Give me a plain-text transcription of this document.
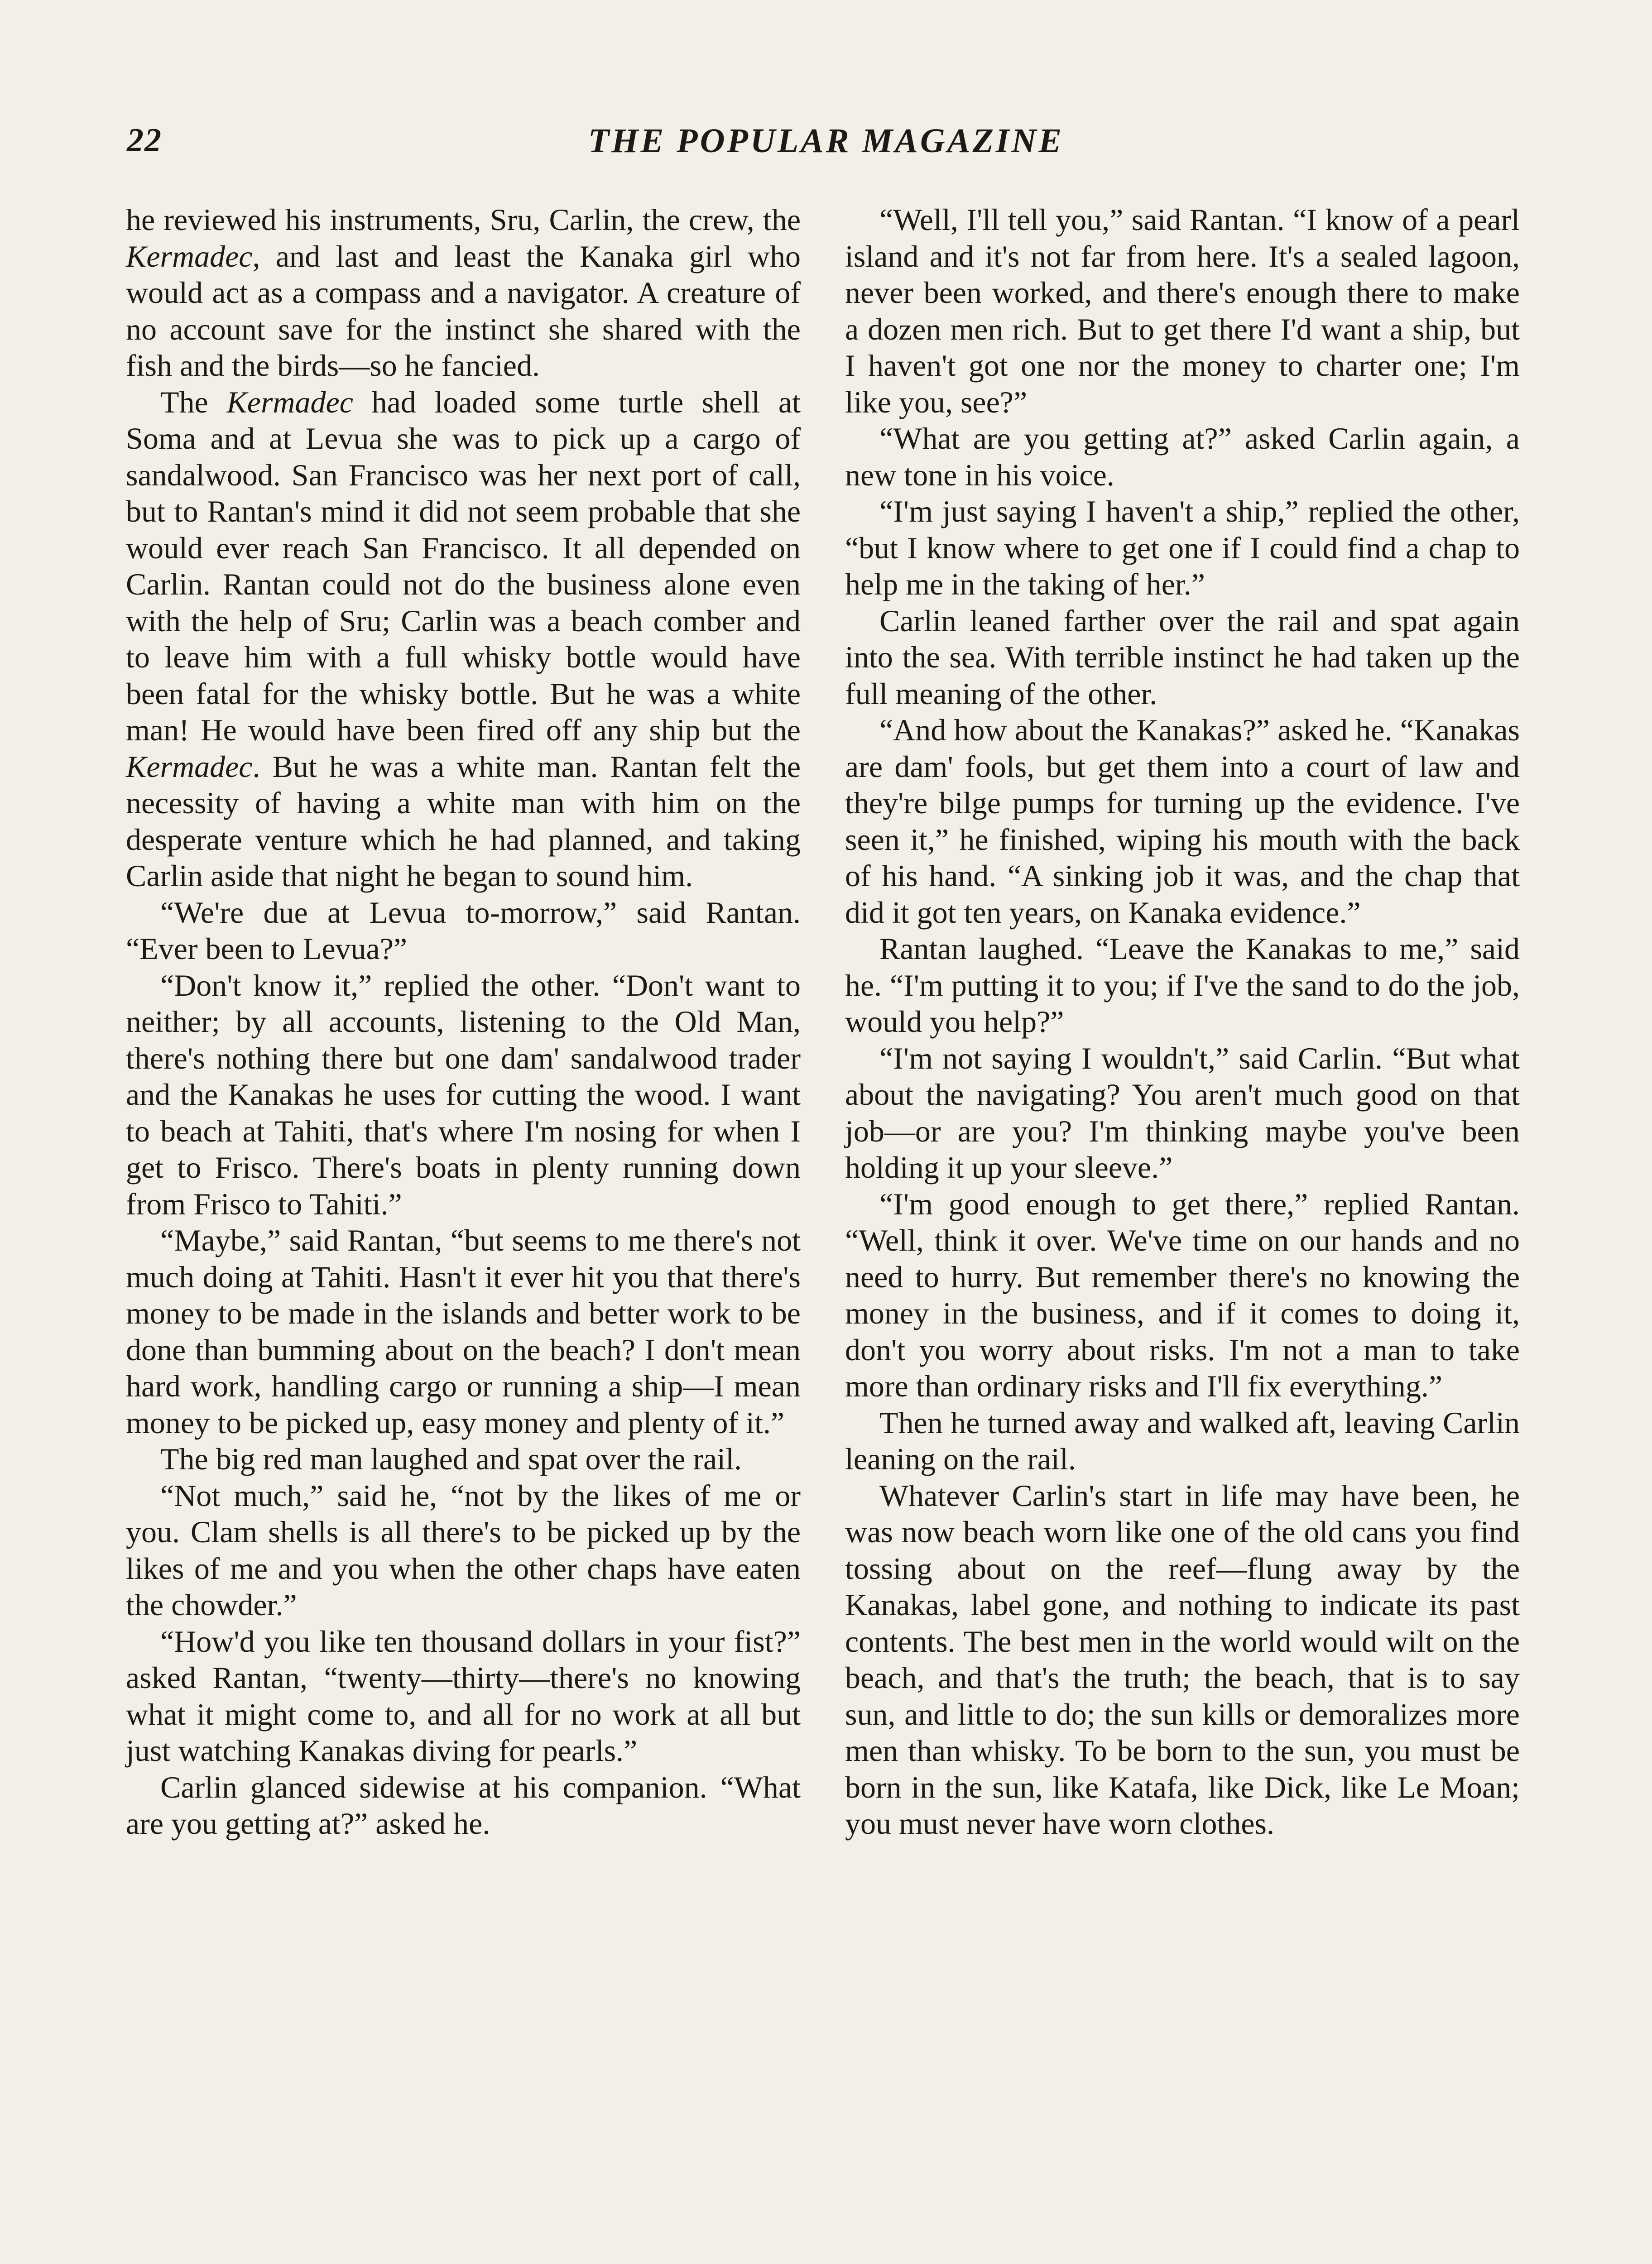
22	THE POPULAR MAGAZINE

he reviewed his instruments, Sru, Carlin, the crew, the Kermadec, and last and least the Kanaka girl who would act as a compass and a navigator. A creature of no account save for the instinct she shared with the fish and the birds—so he fancied.

The Kermadec had loaded some turtle shell at Soma and at Levua she was to pick up a cargo of sandalwood. San Francisco was her next port of call, but to Rantan's mind it did not seem probable that she would ever reach San Francisco. It all depended on Carlin. Rantan could not do the business alone even with the help of Sru; Carlin was a beach comber and to leave him with a full whisky bottle would have been fatal for the whisky bottle. But he was a white man! He would have been fired off any ship but the Kermadec. But he was a white man. Rantan felt the necessity of having a white man with him on the desperate venture which he had planned, and taking Carlin aside that night he began to sound him.

“We're due at Levua to-morrow,” said Rantan. “Ever been to Levua?”

“Don't know it,” replied the other. “Don't want to neither; by all accounts, listening to the Old Man, there's nothing there but one dam' sandalwood trader and the Kanakas he uses for cutting the wood. I want to beach at Tahiti, that's where I'm nosing for when I get to Frisco. There's boats in plenty running down from Frisco to Tahiti.”

“Maybe,” said Rantan, “but seems to me there's not much doing at Tahiti. Hasn't it ever hit you that there's money to be made in the islands and better work to be done than bumming about on the beach? I don't mean hard work, handling cargo or running a ship—I mean money to be picked up, easy money and plenty of it.”

The big red man laughed and spat over the rail.

“Not much,” said he, “not by the likes of me or you. Clam shells is all there's to be picked up by the likes of me and you when the other chaps have eaten the chowder.”

“How'd you like ten thousand dollars in your fist?” asked Rantan, “twenty—thirty—there's no knowing what it might come to, and all for no work at all but just watching Kanakas diving for pearls.”

Carlin glanced sidewise at his companion. “What are you getting at?” asked he.

“Well, I'll tell you,” said Rantan. “I know of a pearl island and it's not far from here. It's a sealed lagoon, never been worked, and there's enough there to make a dozen men rich. But to get there I'd want a ship, but I haven't got one nor the money to charter one; I'm like you, see?”

“What are you getting at?” asked Carlin again, a new tone in his voice.

“I'm just saying I haven't a ship,” replied the other, “but I know where to get one if I could find a chap to help me in the taking of her.”

Carlin leaned farther over the rail and spat again into the sea. With terrible instinct he had taken up the full meaning of the other.

“And how about the Kanakas?” asked he. “Kanakas are dam' fools, but get them into a court of law and they're bilge pumps for turning up the evidence. I've seen it,” he finished, wiping his mouth with the back of his hand. “A sinking job it was, and the chap that did it got ten years, on Kanaka evidence.”

Rantan laughed. “Leave the Kanakas to me,” said he. “I'm putting it to you; if I've the sand to do the job, would you help?”

“I'm not saying I wouldn't,” said Carlin. “But what about the navigating? You aren't much good on that job—or are you? I'm thinking maybe you've been holding it up your sleeve.”

“I'm good enough to get there,” replied Rantan. “Well, think it over. We've time on our hands and no need to hurry. But remember there's no knowing the money in the business, and if it comes to doing it, don't you worry about risks. I'm not a man to take more than ordinary risks and I'll fix everything.”

Then he turned away and walked aft, leaving Carlin leaning on the rail.

Whatever Carlin's start in life may have been, he was now beach worn like one of the old cans you find tossing about on the reef—flung away by the Kanakas, label gone, and nothing to indicate its past contents. The best men in the world would wilt on the beach, and that's the truth; the beach, that is to say sun, and little to do; the sun kills or demoralizes more men than whisky. To be born to the sun, you must be born in the sun, like Katafa, like Dick, like Le Moan; you must never have worn clothes.
